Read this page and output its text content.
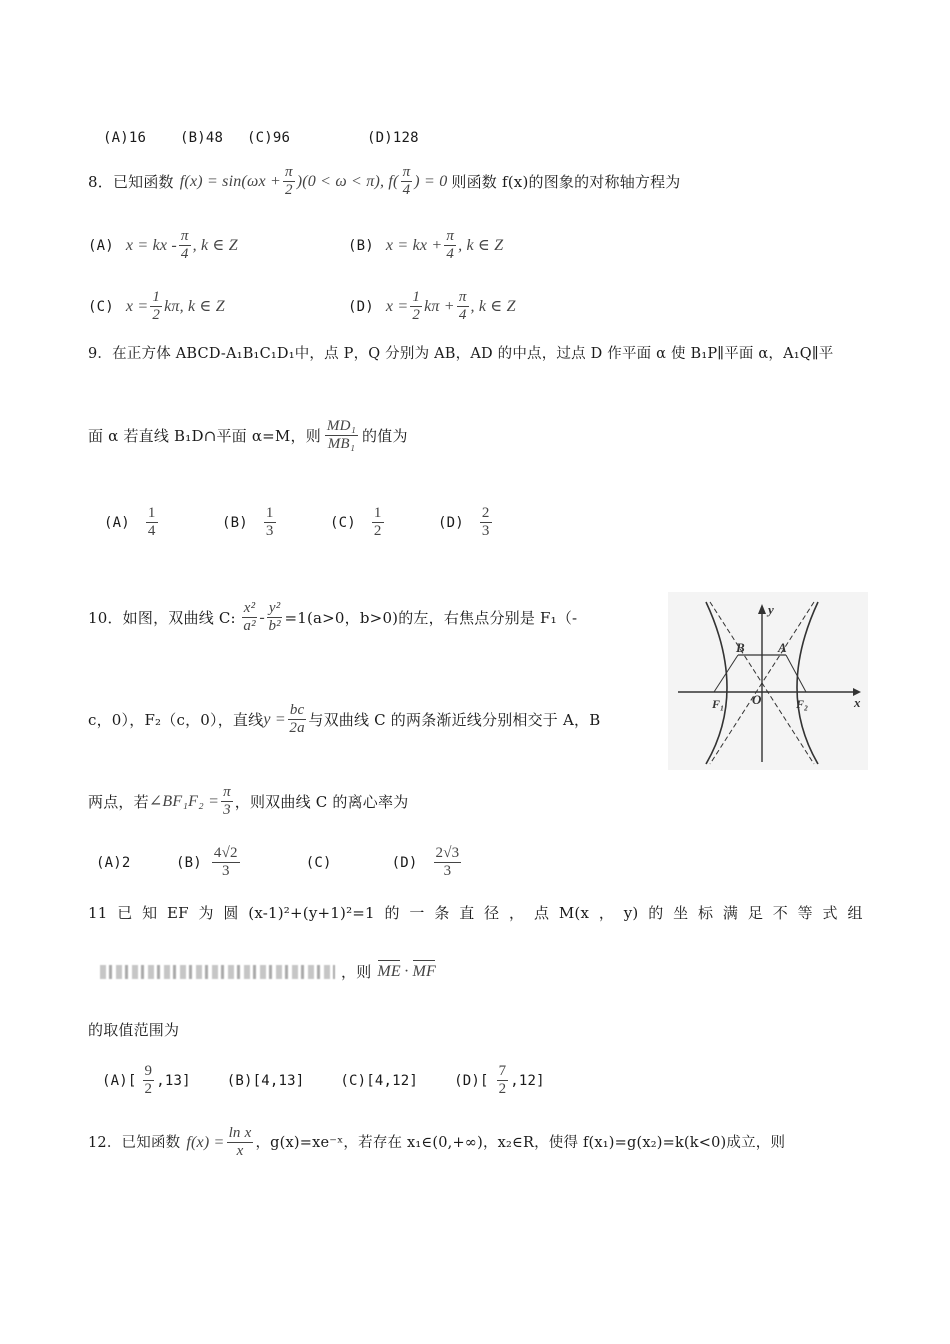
(A)16 (B)48 (C)96	(D)128
8． 已知函数 $f(x) = \sin(\omega x + \frac{\pi}{2} )(0 < \omega < \pi)$, $f( \frac{\pi}{4}$ ) = 0 则函数 f(x)的图象的对称轴方程为
(A) x = kx - $\frac{\pi}{4}$ , k ∈ Z	(B) x = kx + $\frac{\pi}{4}$ , k ∈ Z
(C) $x = \frac{1}{2} k\pi$, k ∈ Z	(D) $x = \frac{1}{2}$ $k\pi + \frac{\pi}{4}$ , k ∈ Z
9．在正方体 ABCD-A₁B₁C₁D₁中，点 P，Q 分别为 AB，AD 的中点，过点 D 作平面 α 使 B₁P∥平面 α，A₁Q∥平
面 α 若直线 B₁D∩平面 α=M，则 $\frac{\text{MD₁}}{\text{MB₁}}$ 的值为
$(A) \frac{1}{4}$	$(B) \frac{1}{3}$	$(C) \frac{1}{2}$	$(D) \frac{2}{3}$
10．如图，双曲线 C: $\frac{\text{x²}}{\text{a²}} - \frac{\text{y²}}{\text{b²}} =1(a>0$，b>0)的左，右焦点分别是 F₁（-
c，0），F₂（c，0），直线 $y = \frac{bc}{2a}$ 与双曲线 C 的两条渐近线分别相交于 A，B
两点，若 ∠BF₁F₂ = $\frac{\pi}{3}$ ，则双曲线 C 的离心率为
(A)2	$(B) \frac{4√2}{3}$	(C)	$(D) \frac{2√3}{3}$
y
x
B	A
O
F₁	F₂
11 已 知 EF 为 圆 (x-1)²+(y+1)²=1 的 一 条 直 径 ， 点 M(x ， y) 的 坐 标 满 足 不 等 式 组
，则 ME · MF
的取值范围为
$(A)[ \frac{9}{2} ,13]$	(B)[4,13]	(C)[4,12]	$(D)[ \frac{7}{2} ,12]$
12．已知函数 $f(x) = \frac{\text{ln x}}{x}$ ，g(x)=xe⁻ˣ，若存在 x₁∈(0,+∞)，x₂∈R，使得 f(x₁)=g(x₂)=k(k<0)成立，则
